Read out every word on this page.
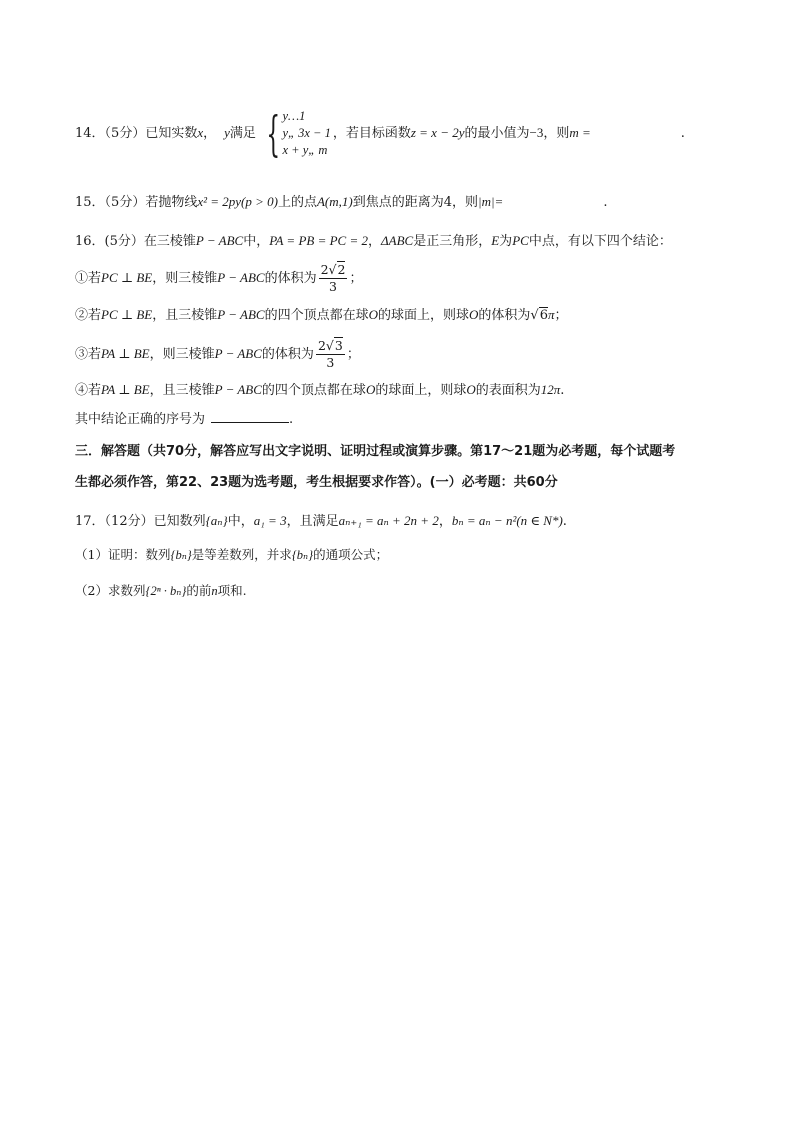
14．（5分）已知实数x， y满足 { y…1
y„ 3x − 1
x + y„ m
，若目标函数z = x − 2y的最小值为−3，则m =	.
15．（5分）若抛物线x² = 2py(p > 0)上的点A(m,1)到焦点的距离为4，则|m|=	.
16．(5分）在三棱锥P − ABC中，PA = PB = PC = 2，ΔABC是正三角形，E为PC中点，有以下四个结论：
①若PC ⊥ BE，则三棱锥P − ABC的体积为 $\frac{2√2}{3}$ ；
②若PC ⊥ BE，且三棱锥P − ABC的四个顶点都在球O的球面上，则球O的体积为√6π；
③若PA ⊥ BE，则三棱锥P − ABC的体积为 $\frac{2√3}{3}$ ；
④若PA ⊥ BE，且三棱锥P − ABC的四个顶点都在球O的球面上，则球O的表面积为12π.
其中结论正确的序号为	.
三．解答题（共70分，解答应写出文字说明、证明过程或演算步骤。第17～21题为必考题，每个试题考
生都必须作答，第22、23题为选考题，考生根据要求作答）。(一）必考题：共60分
17．（12分）已知数列{aₙ}中，a₁ = 3，且满足aₙ₊₁ = aₙ + 2n + 2，bₙ = aₙ − n²(n ∈ N*).
（1）证明：数列{bₙ}是等差数列，并求{bₙ}的通项公式；
（2）求数列{2ⁿ · bₙ}的前n项和.
